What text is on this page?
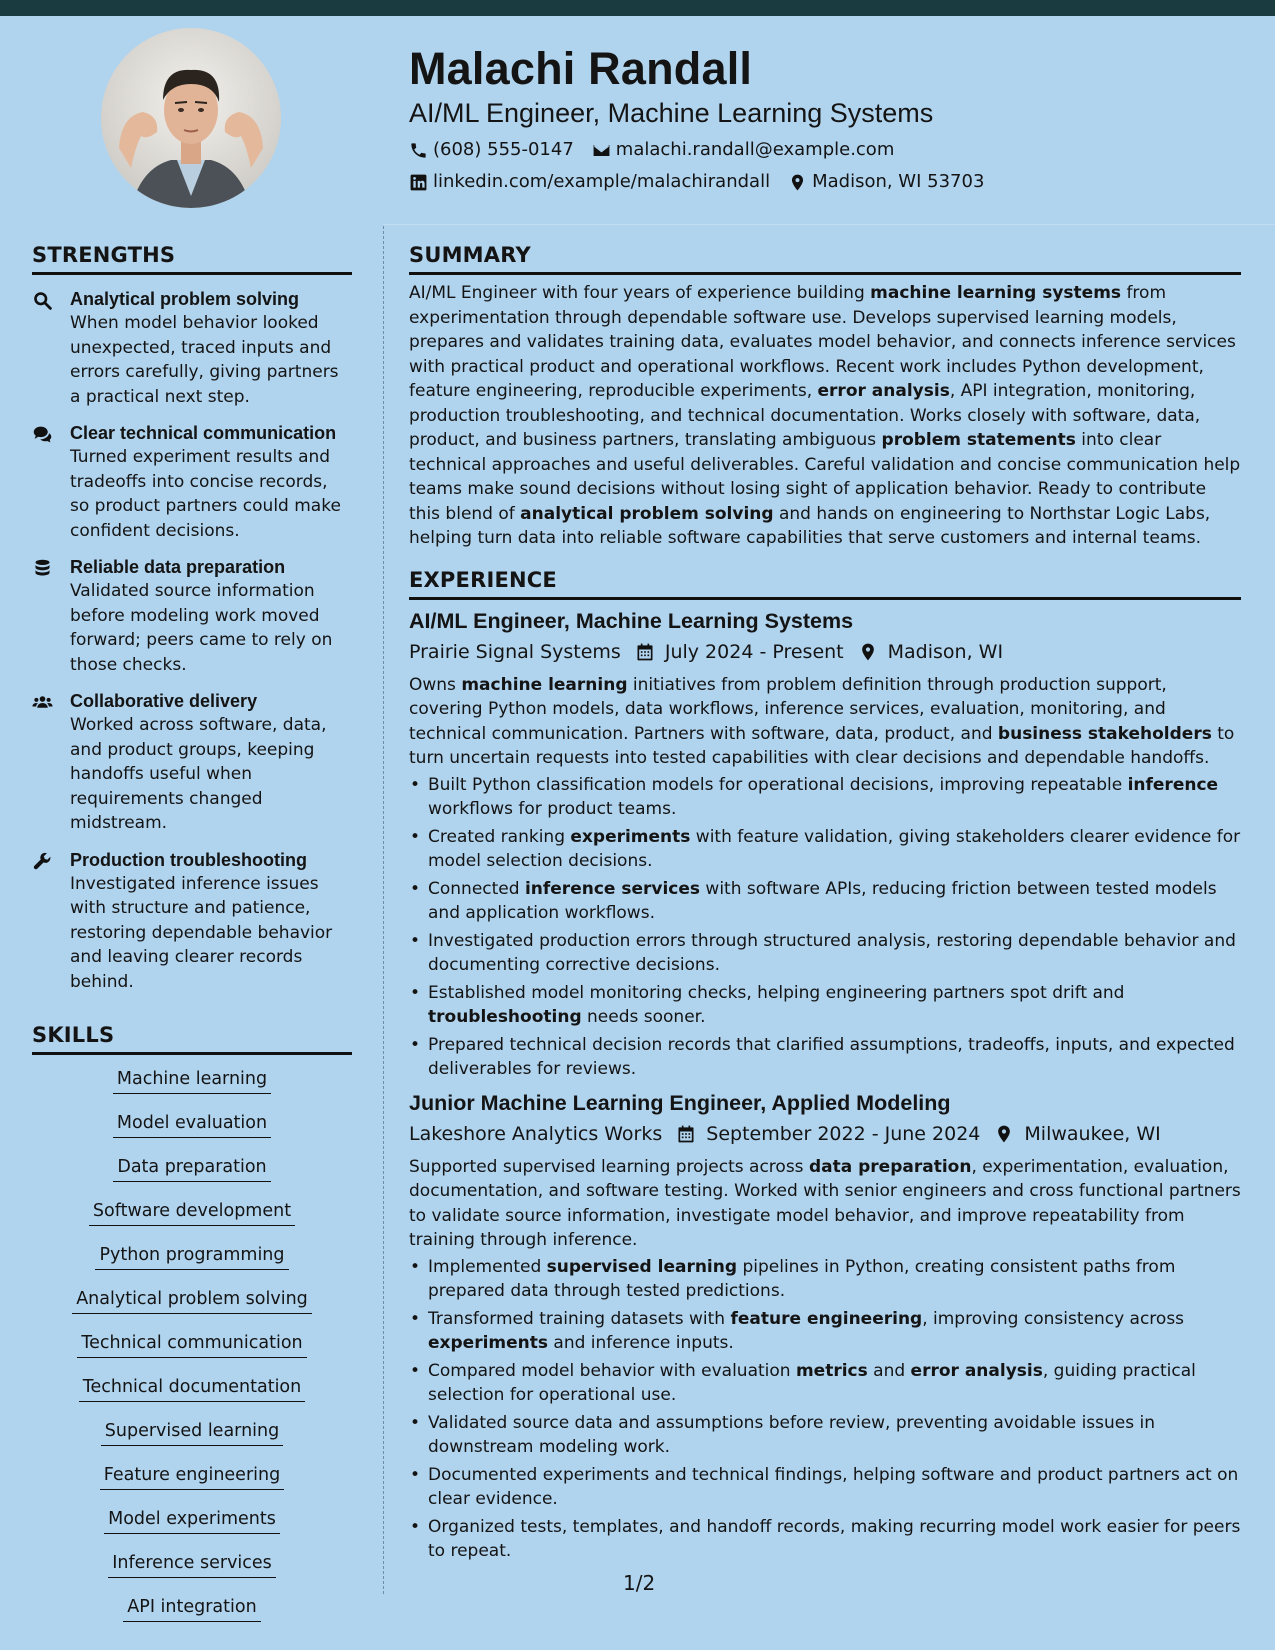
Malachi Randall
AI/ML Engineer, Machine Learning Systems
(608) 555-0147 malachi.randall@example.com
linkedin.com/example/malachirandall Madison, WI 53703
STRENGTHS
Analytical problem solving
When model behavior looked unexpected, traced inputs and errors carefully, giving partners a practical next step.
Clear technical communication
Turned experiment results and tradeoffs into concise records, so product partners could make confident decisions.
Reliable data preparation
Validated source information before modeling work moved forward; peers came to rely on those checks.
Collaborative delivery
Worked across software, data, and product groups, keeping handoffs useful when requirements changed midstream.
Production troubleshooting
Investigated inference issues with structure and patience, restoring dependable behavior and leaving clearer records behind.
SKILLS
Machine learning
Model evaluation
Data preparation
Software development
Python programming
Analytical problem solving
Technical communication
Technical documentation
Supervised learning
Feature engineering
Model experiments
Inference services
API integration
SUMMARY
AI/ML Engineer with four years of experience building machine learning systems from experimentation through dependable software use. Develops supervised learning models, prepares and validates training data, evaluates model behavior, and connects inference services with practical product and operational workflows. Recent work includes Python development, feature engineering, reproducible experiments, error analysis, API integration, monitoring, production troubleshooting, and technical documentation. Works closely with software, data, product, and business partners, translating ambiguous problem statements into clear technical approaches and useful deliverables. Careful validation and concise communication help teams make sound decisions without losing sight of application behavior. Ready to contribute this blend of analytical problem solving and hands on engineering to Northstar Logic Labs, helping turn data into reliable software capabilities that serve customers and internal teams.
EXPERIENCE
AI/ML Engineer, Machine Learning Systems
Prairie Signal Systems July 2024 - Present Madison, WI
Owns machine learning initiatives from problem definition through production support, covering Python models, data workflows, inference services, evaluation, monitoring, and technical communication. Partners with software, data, product, and business stakeholders to turn uncertain requests into tested capabilities with clear decisions and dependable handoffs.
• Built Python classification models for operational decisions, improving repeatable inference workflows for product teams.
• Created ranking experiments with feature validation, giving stakeholders clearer evidence for model selection decisions.
• Connected inference services with software APIs, reducing friction between tested models and application workflows.
• Investigated production errors through structured analysis, restoring dependable behavior and documenting corrective decisions.
• Established model monitoring checks, helping engineering partners spot drift and troubleshooting needs sooner.
• Prepared technical decision records that clarified assumptions, tradeoffs, inputs, and expected deliverables for reviews.
Junior Machine Learning Engineer, Applied Modeling
Lakeshore Analytics Works September 2022 - June 2024 Milwaukee, WI
Supported supervised learning projects across data preparation, experimentation, evaluation, documentation, and software testing. Worked with senior engineers and cross functional partners to validate source information, investigate model behavior, and improve repeatability from training through inference.
• Implemented supervised learning pipelines in Python, creating consistent paths from prepared data through tested predictions.
• Transformed training datasets with feature engineering, improving consistency across experiments and inference inputs.
• Compared model behavior with evaluation metrics and error analysis, guiding practical selection for operational use.
• Validated source data and assumptions before review, preventing avoidable issues in downstream modeling work.
• Documented experiments and technical findings, helping software and product partners act on clear evidence.
• Organized tests, templates, and handoff records, making recurring model work easier for peers to repeat.
1/2
